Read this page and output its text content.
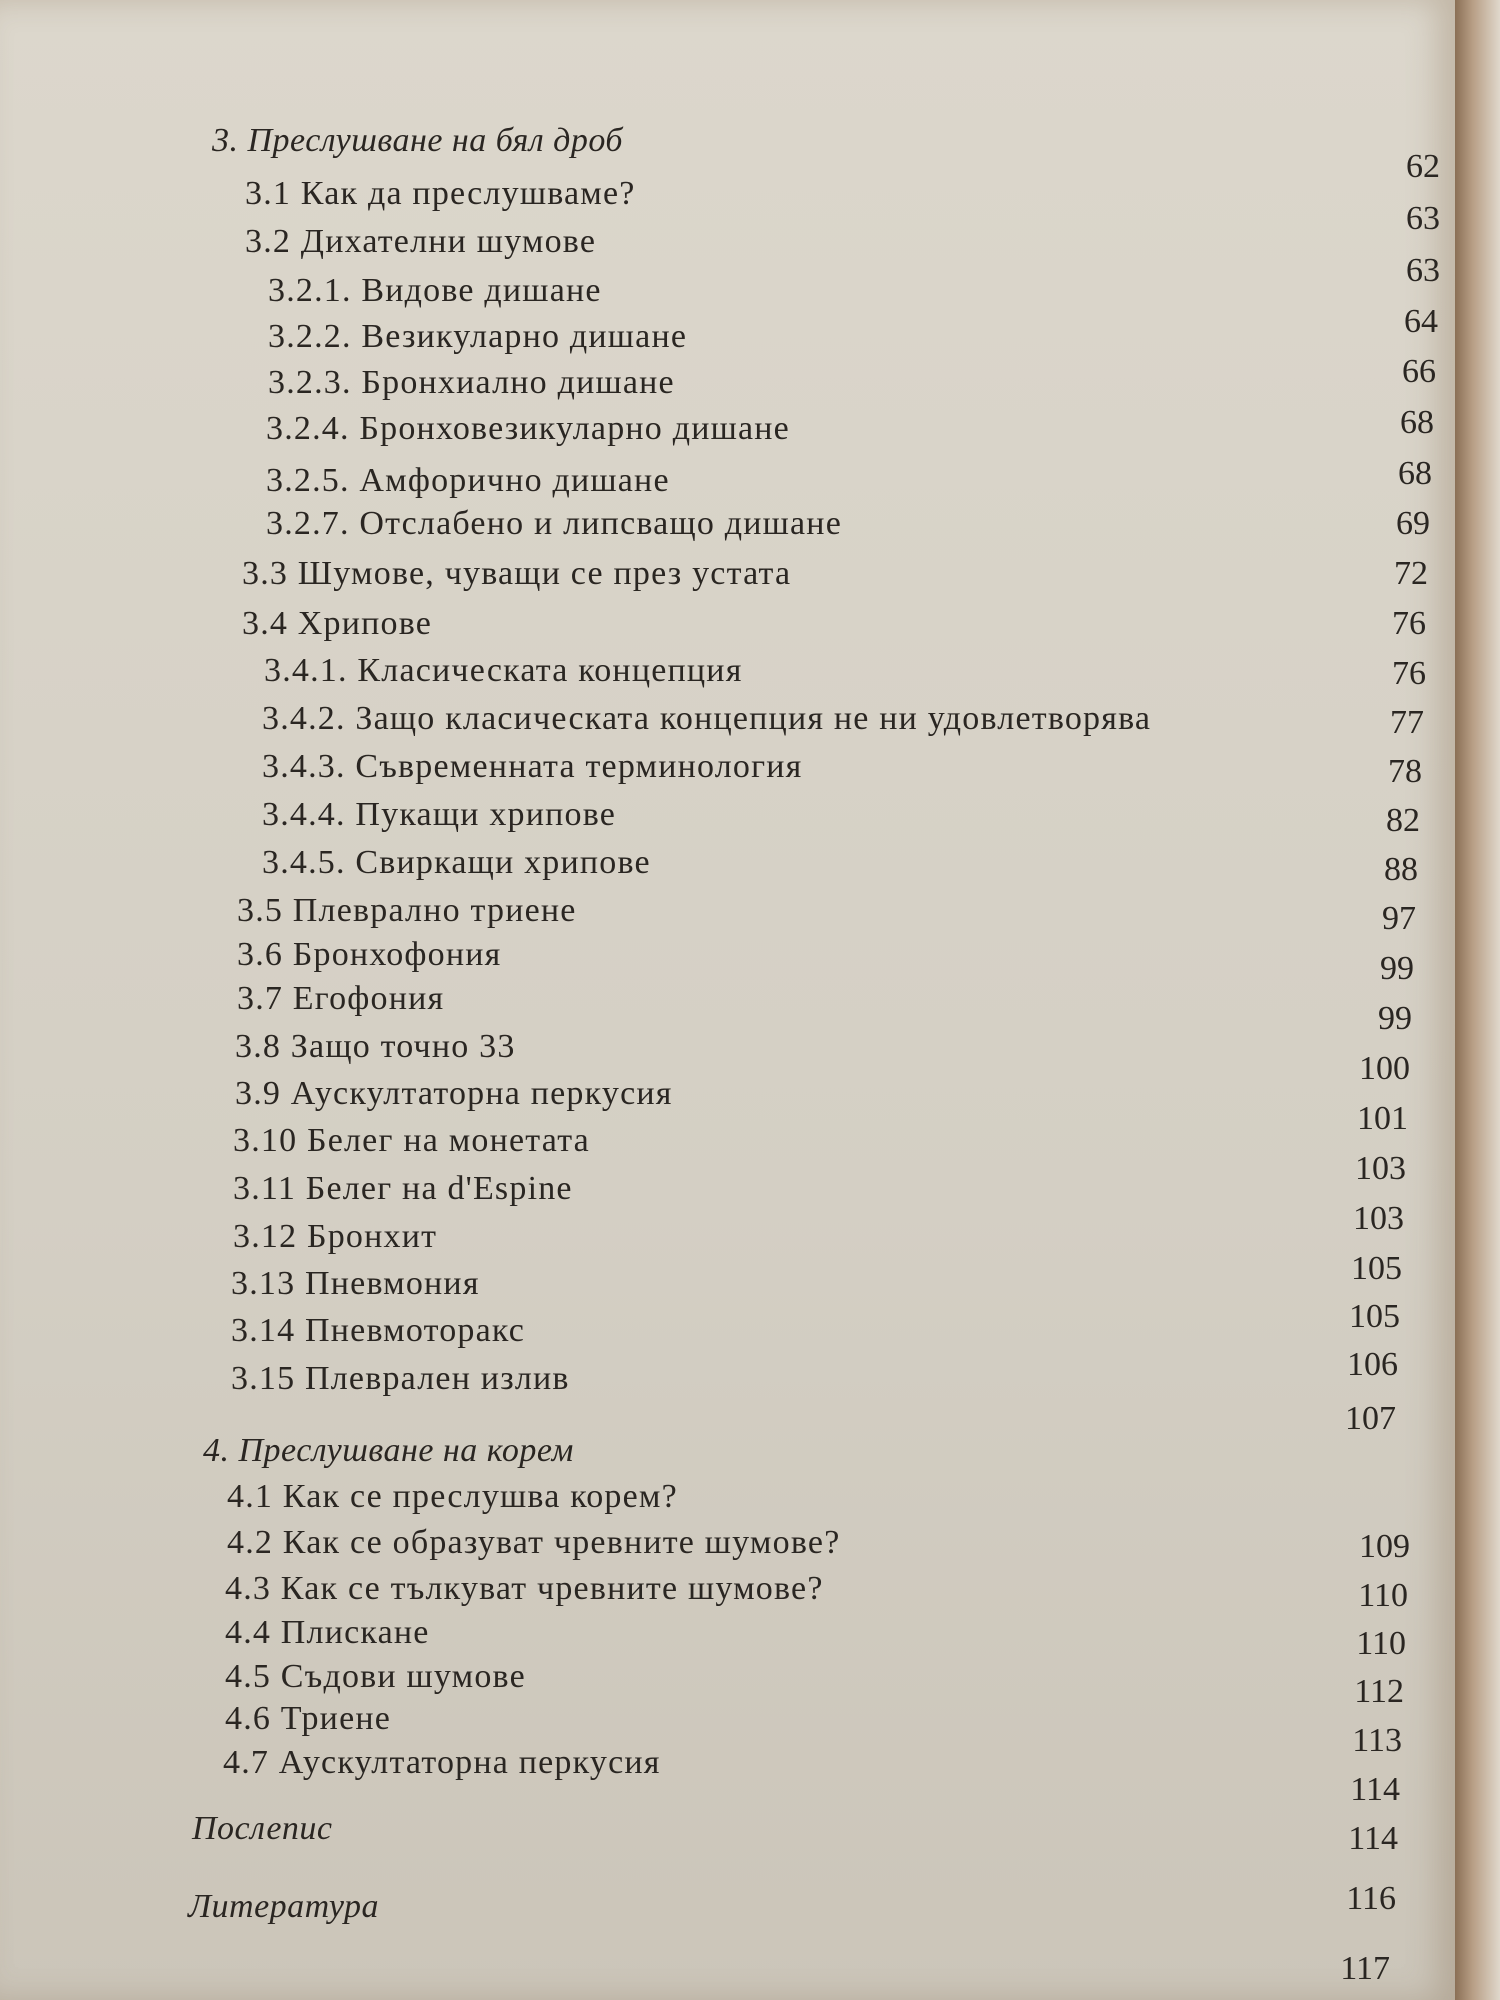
3. Преслушване на бял дроб
62
3.1 Как да преслушваме?
63
3.2 Дихателни шумове
63
3.2.1. Видове дишане
64
3.2.2. Везикуларно дишане
66
3.2.3. Бронхиално дишане
68
3.2.4. Бронховезикуларно дишане
68
3.2.5. Амфорично дишане
69
3.2.7. Отслабено и липсващо дишане
72
3.3 Шумове, чуващи се през устата
76
3.4 Хрипове
76
3.4.1. Класическата концепция
77
3.4.2. Защо класическата концепция не ни удовлетворява
78
3.4.3. Съвременната терминология
82
3.4.4. Пукащи хрипове
88
3.4.5. Свиркащи хрипове
97
3.5 Плеврално триене
99
3.6 Бронхофония
99
3.7 Егофония
100
3.8 Защо точно 33
101
3.9 Аускултаторна перкусия
103
3.10 Белег на монетата
103
3.11 Белег на d'Espine
105
3.12 Бронхит
105
3.13 Пневмония
106
3.14 Пневмоторакс
107
3.15 Плеврален излив
4. Преслушване на корем
109
4.1 Как се преслушва корем?
110
4.2 Как се образуват чревните шумове?
110
4.3 Как се тълкуват чревните шумове?
112
4.4 Плискане
113
4.5 Съдови шумове
114
4.6 Триене
114
4.7 Аускултаторна перкусия
116
Послепис
117
Литература
